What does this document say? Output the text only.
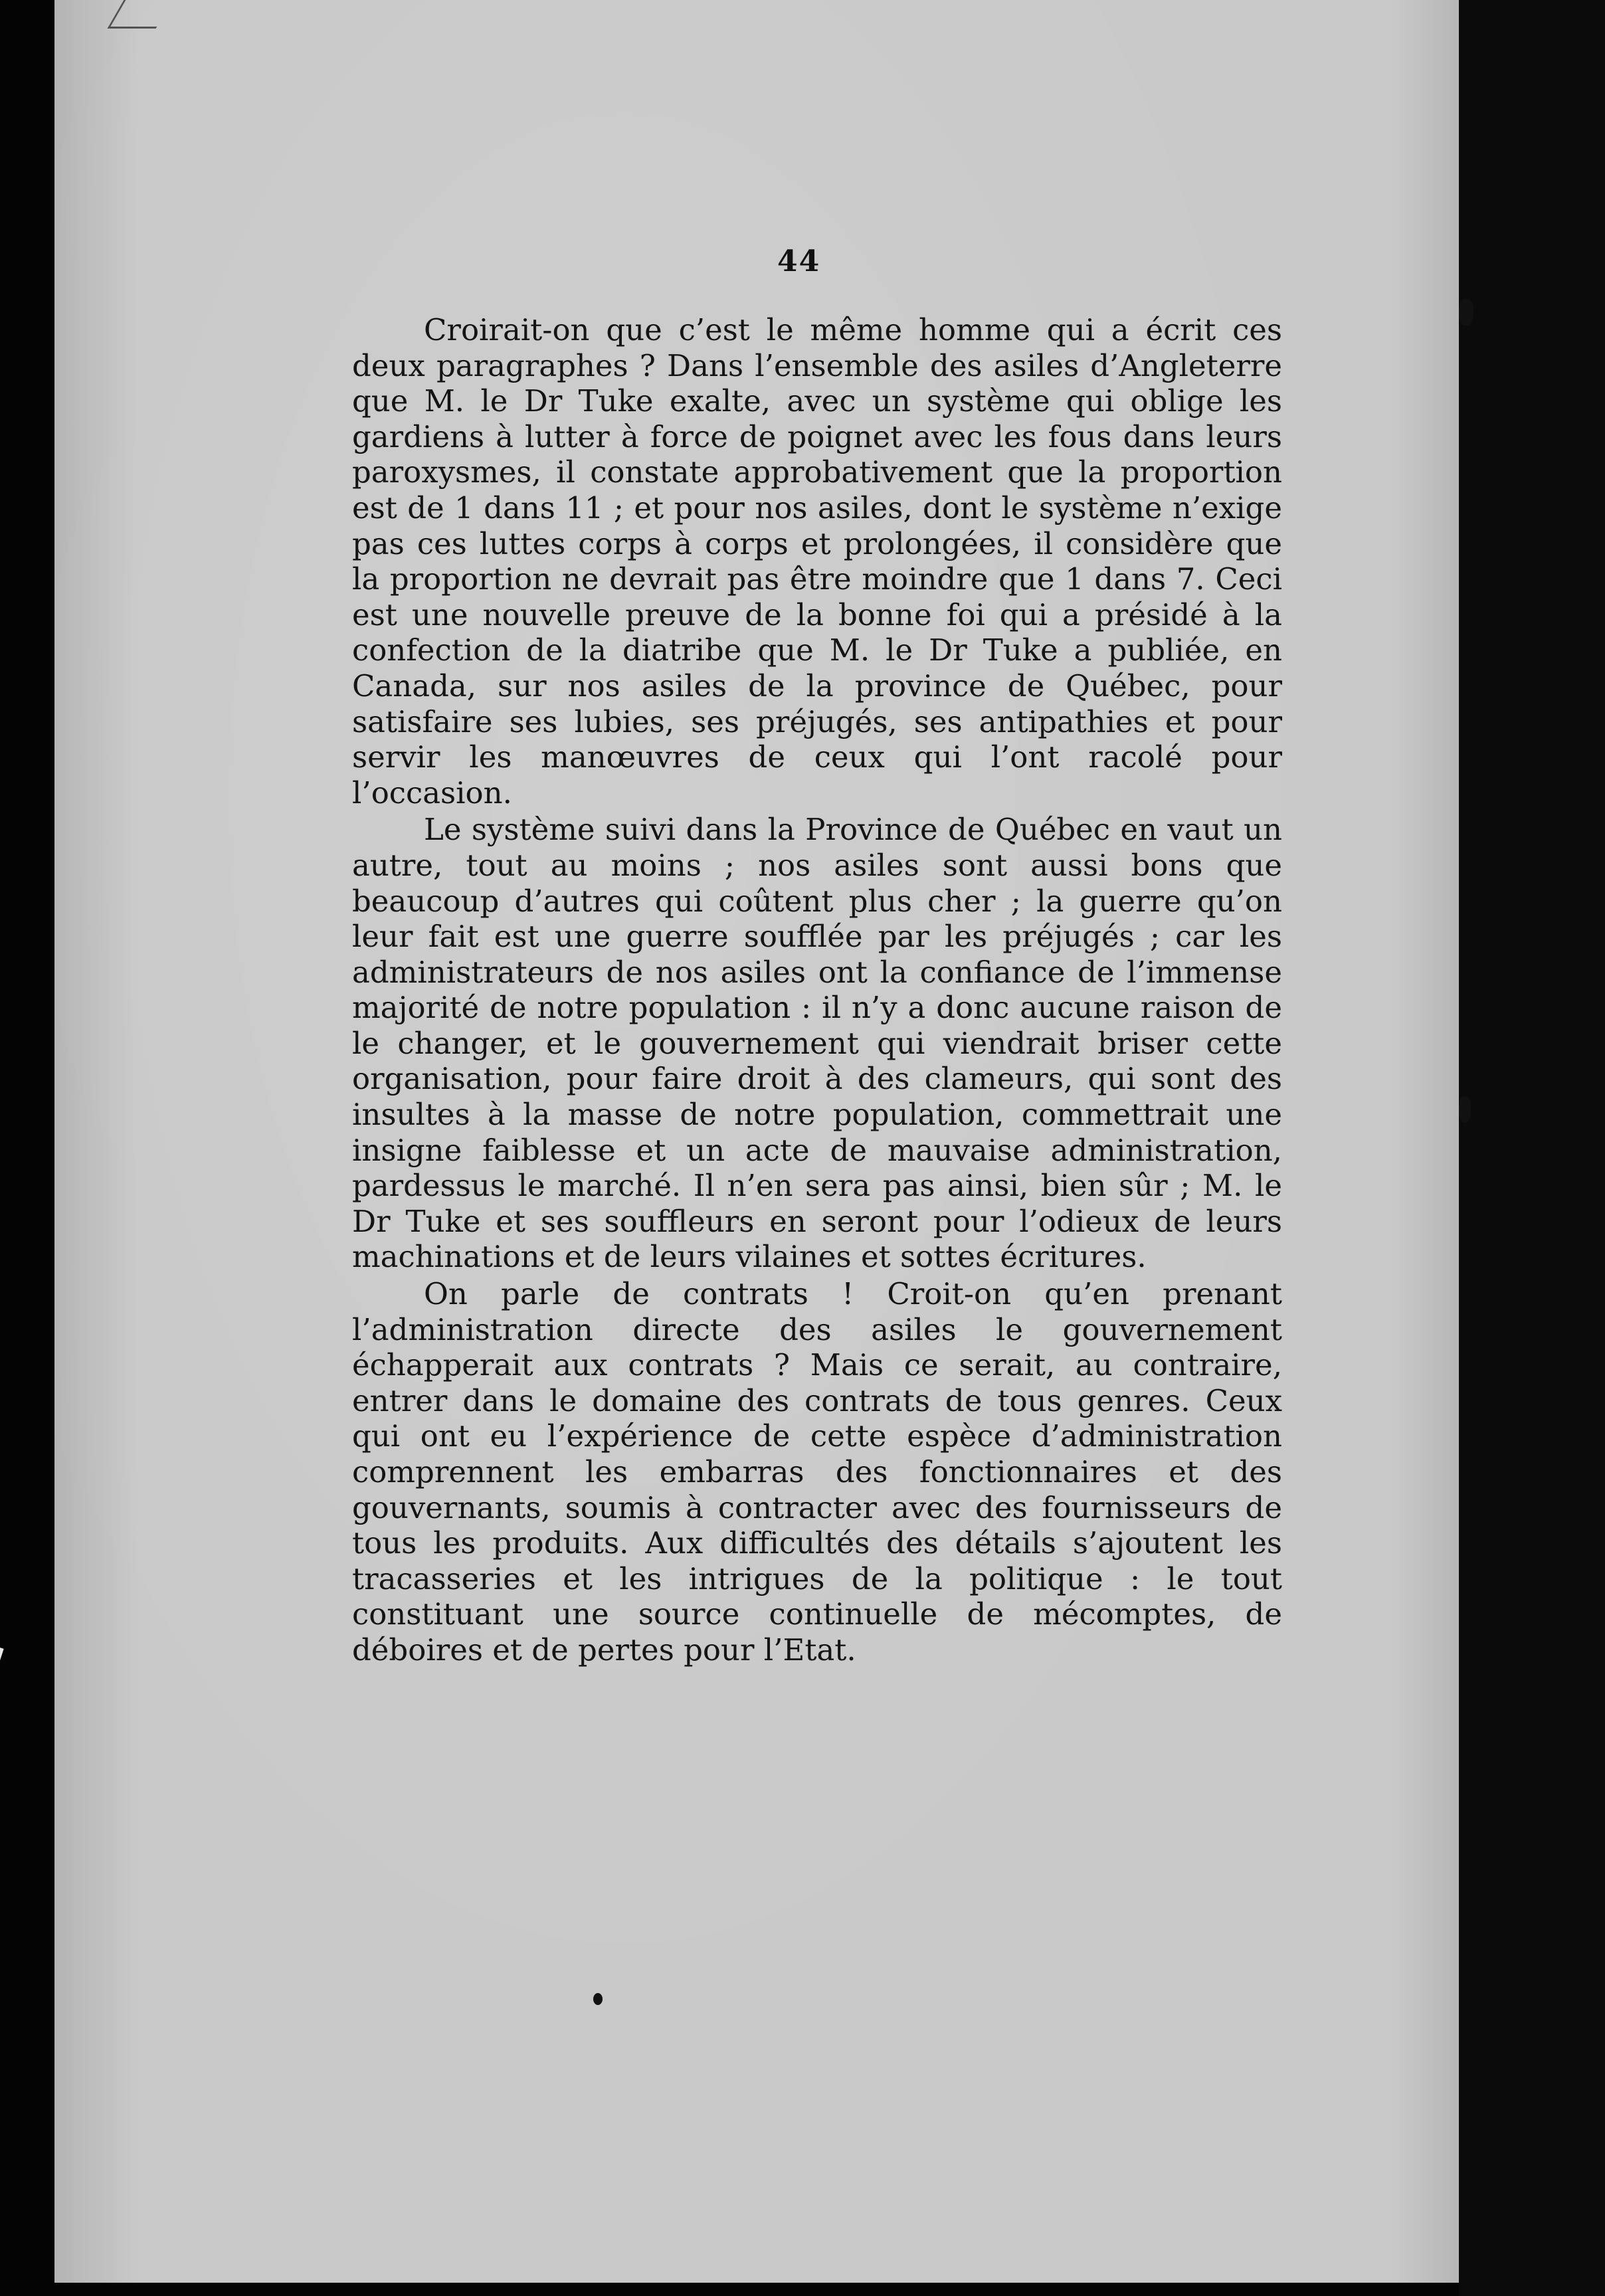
44

Croirait-on que c’est le même homme qui a écrit ces deux paragraphes ? Dans l’ensemble des asiles d’Angleterre que M. le Dr Tuke exalte, avec un système qui oblige les gardiens à lutter à force de poignet avec les fous dans leurs paroxysmes, il constate approbativement que la proportion est de 1 dans 11 ; et pour nos asiles, dont le système n’exige pas ces luttes corps à corps et prolongées, il considère que la proportion ne devrait pas être moindre que 1 dans 7. Ceci est une nouvelle preuve de la bonne foi qui a présidé à la confection de la diatribe que M. le Dr Tuke a publiée, en Canada, sur nos asiles de la province de Québec, pour satisfaire ses lubies, ses préjugés, ses antipathies et pour servir les manœuvres de ceux qui l’ont racolé pour l’occasion.

Le système suivi dans la Province de Québec en vaut un autre, tout au moins ; nos asiles sont aussi bons que beaucoup d’autres qui coûtent plus cher ; la guerre qu’on leur fait est une guerre soufflée par les préjugés ; car les administrateurs de nos asiles ont la confiance de l’immense majorité de notre population : il n’y a donc aucune raison de le changer, et le gouvernement qui viendrait briser cette organisation, pour faire droit à des clameurs, qui sont des insultes à la masse de notre population, commettrait une insigne faiblesse et un acte de mauvaise administration, pardessus le marché. Il n’en sera pas ainsi, bien sûr ; M. le Dr Tuke et ses souffleurs en seront pour l’odieux de leurs machinations et de leurs vilaines et sottes écritures.

On parle de contrats ! Croit-on qu’en prenant l’administration directe des asiles le gouvernement échapperait aux contrats ? Mais ce serait, au contraire, entrer dans le domaine des contrats de tous genres. Ceux qui ont eu l’expérience de cette espèce d’administration comprennent les embarras des fonctionnaires et des gouvernants, soumis à contracter avec des fournisseurs de tous les produits. Aux difficultés des détails s’ajoutent les tracasseries et les intrigues de la politique : le tout constituant une source continuelle de mécomptes, de déboires et de pertes pour l’Etat.
